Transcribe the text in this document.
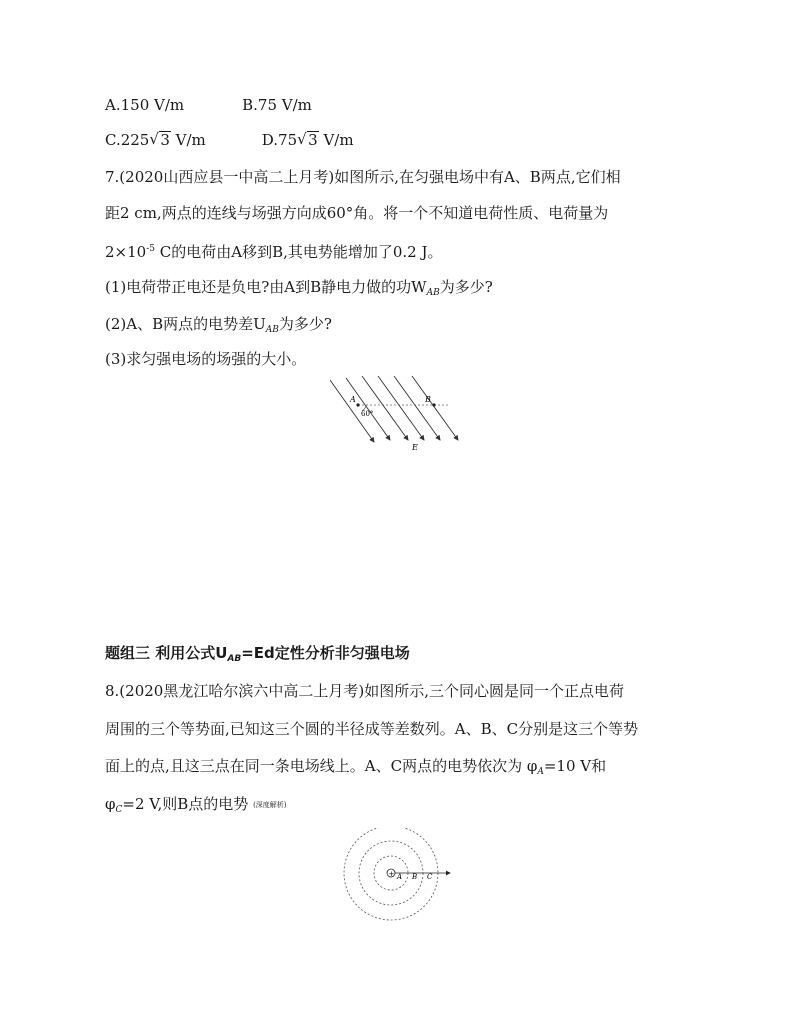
A.150 V/m	B.75 V/m
C.225 √ 3 V/m	D.75 √ 3 V/m
7.(2020山西应县一中高二上月考)如图所示,在匀强电场中有A、B两点,它们相
距2 cm,两点的连线与场强方向成60°角。将一个不知道电荷性质、电荷量为
$2\times 10^{-5}$ C的电荷由A移到B,其电势能增加了0.2 J。
(1)电荷带正电还是负电?由A到B静电力做的功$W_{AB}$为多少?
(2)A、B两点的电势差$U_{AB}$为多少?
(3)求匀强电场的场强的大小。
A	B
60°
E
题组三 利用公式$U_{AB}=Ed$定性分析非匀强电场
8.(2020黑龙江哈尔滨六中高二上月考)如图所示,三个同心圆是同一个正点电荷
周围的三个等势面,已知这三个圆的半径成等差数列。A、B、C分别是这三个等势
面上的点,且这三点在同一条电场线上。A、C两点的电势依次为 $\varphi_A=10$ V和
$\varphi_C=2$ V,则B点的电势 (深度解析)
+ A B C
